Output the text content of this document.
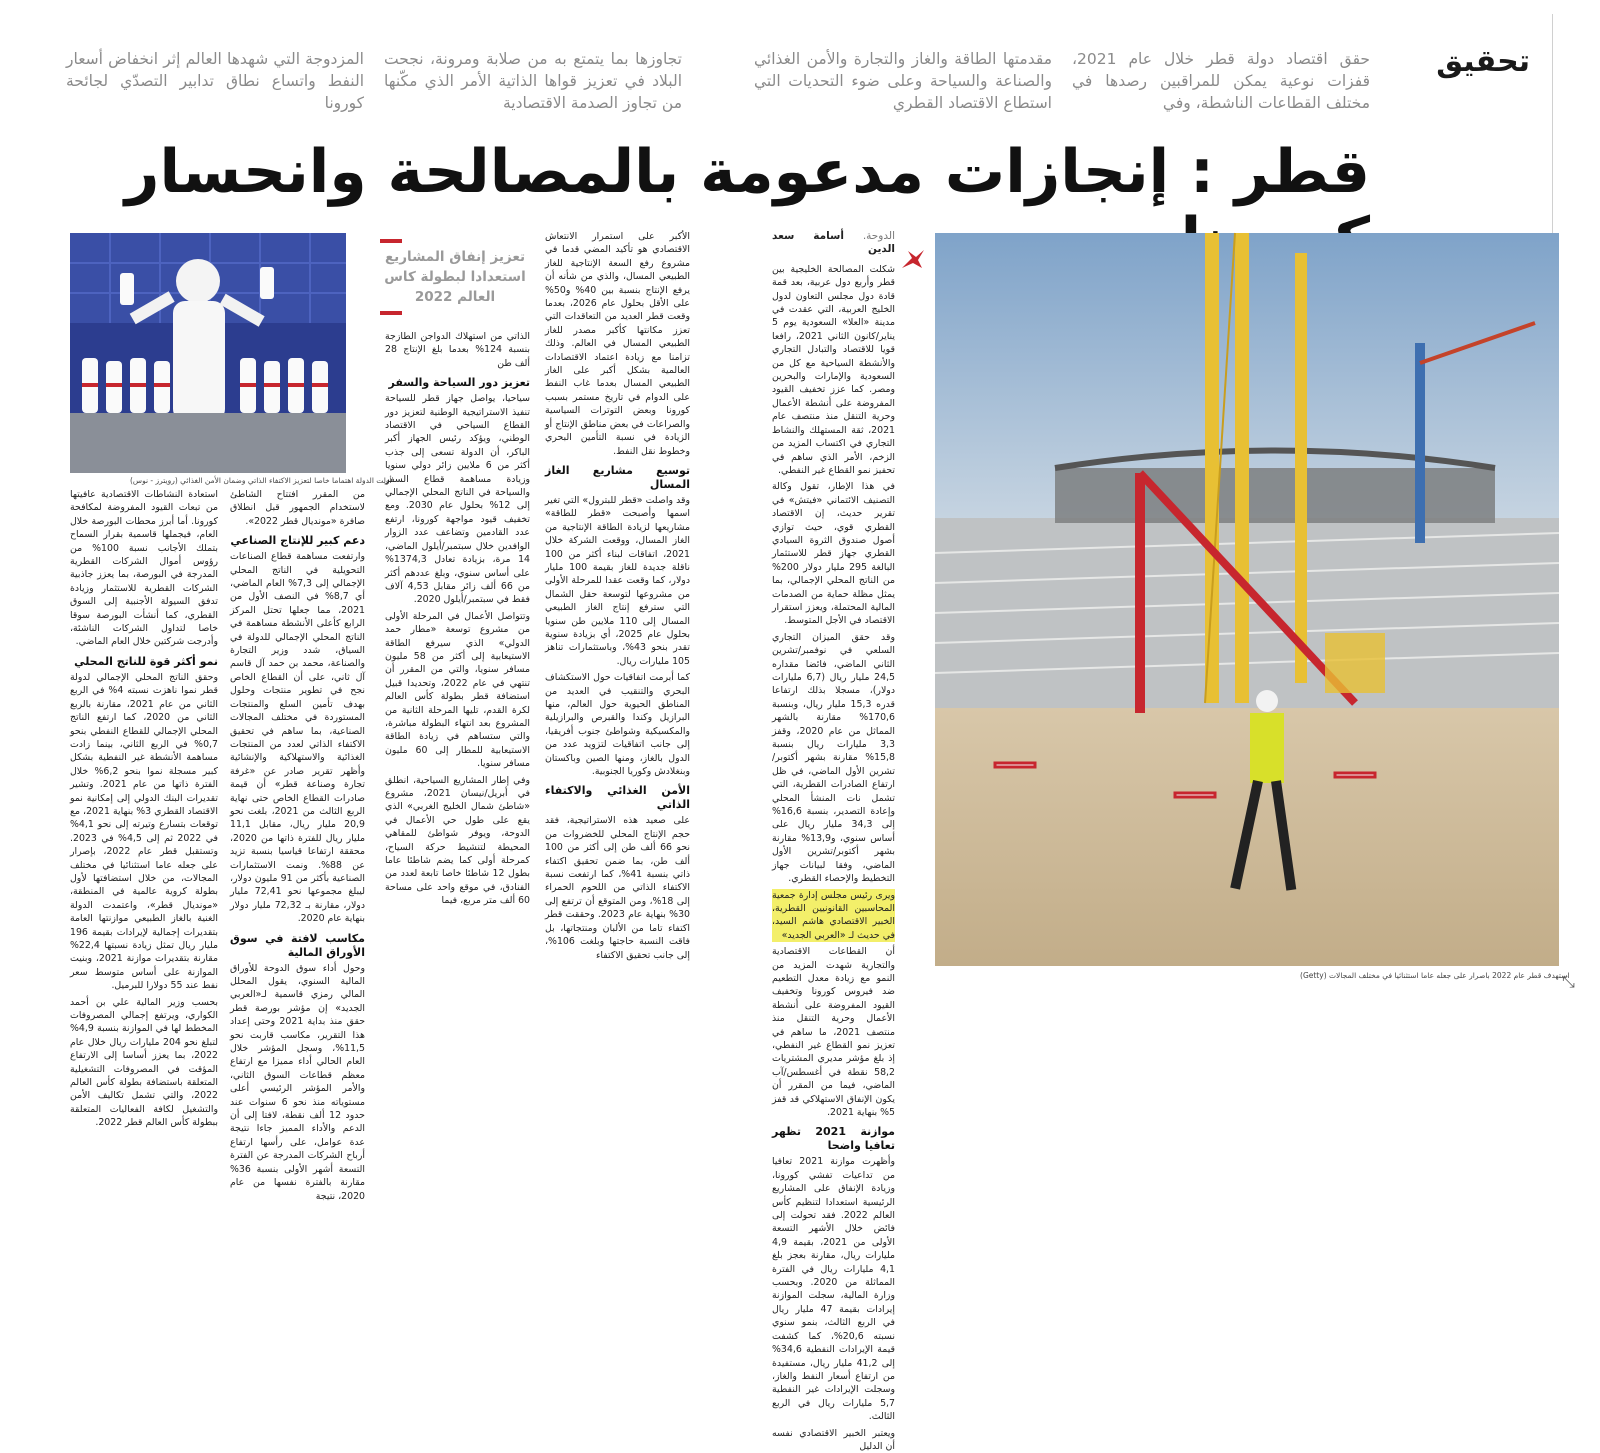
تحقيق
حقق اقتصاد دولة قطر خلال عام 2021، قفزات نوعية يمكن للمراقبين رصدها في مختلف القطاعات الناشطة، وفي
مقدمتها الطاقة والغاز والتجارة والأمن الغذائي والصناعة والسياحة وعلى ضوء التحديات التي استطاع الاقتصاد القطري
تجاوزها بما يتمتع به من صلابة ومرونة، نجحت البلاد في تعزيز قواها الذاتية الأمر الذي مكّنها من تجاوز الصدمة الاقتصادية
المزدوجة التي شهدها العالم إثر انخفاض أسعار النفط واتساع نطاق تدابير التصدّي لجائحة كورونا
قطر : إنجازات مدعومة بالمصالحة وانحسار
استهدف قطر عام 2022 باصرار على جعله عاما استثنائيا في مختلف المجالات (Getty)
أولت الدولة اهتماما خاصا لتعزيز الاكتفاء الذاتي وضمان الأمن الغذائي (رويترز - نوس)
تعزيز إنفاق المشاريع استعدادا لبطولة كاس العالم 2022
الدوحة. أسامة سعد الدين

شكلت المصالحة الخليجية بين قطر وأربع دول عربية، بعد قمة قادة دول مجلس التعاون لدول الخليج العربية، التي عقدت في مدينة «العلا» السعودية يوم 5 يناير/كانون الثاني 2021، رافعا قويا للاقتصاد والتبادل التجاري والأنشطة السياحية مع كل من السعودية والإمارات والبحرين ومصر. كما عزز تخفيف القيود المفروضة على أنشطة الأعمال وحرية التنقل منذ منتصف عام 2021، ثقة المستهلك والنشاط التجاري في اكتساب المزيد من الزخم، الأمر الذي ساهم في تحفيز نمو القطاع غير النفطي.

في هذا الإطار، تقول وكالة التصنيف الائتماني «فيتش» في تقرير حديث، إن الاقتصاد القطري قوي، حيث توازي أصول صندوق الثروة السيادي القطري جهاز قطر للاستثمار البالغة 295 مليار دولار 200% من الناتج المحلي الإجمالي، بما يمثل مظلة حماية من الصدمات المالية المحتملة، ويعزز استقرار الاقتصاد في الأجل المتوسط.

وقد حقق الميزان التجاري السلعي في نوفمبر/تشرين الثاني الماضي، فائضا مقداره 24,5 مليار ريال (6,7 مليارات دولار)، مسجلا بذلك ارتفاعا قدره 15,3 مليار ريال، وبنسبة 170,6% مقارنة بالشهر المماثل من عام 2020، وقفز 3,3 مليارات ريال بنسبة 15,8% مقارنة بشهر أكتوبر/تشرين الأول الماضي، في ظل ارتفاع الصادرات القطرية، التي تشمل نات المنشأ المحلي وإعادة التصدير، بنسبة 16,6% إلى 34,3 مليار ريال على أساس سنوي، و13,9% مقارنة بشهر أكتوبر/تشرين الأول الماضي، وفقا لبيانات جهاز التخطيط والإحصاء القطري.

ويرى رئيس مجلس إدارة جمعية المحاسبين القانونيين القطرية، الخبير الاقتصادي هاشم السيد، في حديث لـ «العربي الجديد»

أن القطاعات الاقتصادية والتجارية شهدت المزيد من النمو مع زيادة معدل التطعيم ضد فيروس كورونا وتخفيف القيود المفروضة على أنشطة الأعمال وحرية التنقل منذ منتصف 2021، ما ساهم في تعزيز نمو القطاع غير النفطي، إذ بلغ مؤشر مديري المشتريات 58,2 نقطة في أغسطس/آب الماضي، فيما من المقرر أن يكون الإنفاق الاستهلاكي قد قفز 5% بنهاية 2021.

موازنة 2021 تظهر تعافيا واضحا

وأظهرت موازنة 2021 تعافيا من تداعيات تفشي كورونا، وزيادة الإنفاق على المشاريع الرئيسية استعدادا لتنظيم كأس العالم 2022. فقد تحولت إلى فائض خلال الأشهر التسعة الأولى من 2021، بقيمة 4,9 مليارات ريال، مقارنة بعجز بلغ 4,1 مليارات ريال في الفترة المماثلة من 2020. وبحسب وزارة المالية، سجلت الموازنة إيرادات بقيمة 47 مليار ريال في الربع الثالث، بنمو سنوي نسبته 20,6%، كما كشفت قيمة الإيرادات النفطية 34,6% إلى 41,2 مليار ريال، مستفيدة من ارتفاع أسعار النفط والغاز، وسجلت الإيرادات غير النفطية 5,7 مليارات ريال في الربع الثالث.

ويعتبر الخبير الاقتصادي نفسه أن الدليل

الأكبر على استمرار الانتعاش الاقتصادي هو تأكيد المضي قدما في مشروع رفع السعة الإنتاجية للغاز الطبيعي المسال، والذي من شأنه أن يرفع الإنتاج بنسبة بين 40% و50% على الأقل بحلول عام 2026، بعدما وقعت قطر العديد من التعاقدات التي تعزز مكانتها كأكبر مصدر للغاز الطبيعي المسال في العالم. وذلك تزامنا مع زيادة اعتماد الاقتصادات العالمية بشكل أكبر على الغاز الطبيعي المسال بعدما غاب النفط على الدوام في تاريخ مستمر بسبب كورونا وبعض التوترات السياسية والصراعات في بعض مناطق الإنتاج أو الزيادة في نسبة التأمين البحري وخطوط نقل النفط.

توسيع مشاريع الغاز المسال

وقد واصلت «قطر للبترول» التي تغير اسمها وأصبحت «قطر للطاقة» مشاريعها لزيادة الطاقة الإنتاجية من الغاز المسال، ووقعت الشركة خلال 2021، اتفاقات لبناء أكثر من 100 ناقلة جديدة للغاز بقيمة 100 مليار دولار، كما وقعت عقدا للمرحلة الأولى من مشروعها لتوسعة حقل الشمال التي سترفع إنتاج الغاز الطبيعي المسال إلى 110 ملايين طن سنويا بحلول عام 2025، أي بزيادة سنوية تقدر بنحو 43%، وباستثمارات تناهز 105 مليارات ريال.

كما أبرمت اتفاقيات حول الاستكشاف البحري والتنقيب في العديد من المناطق الحيوية حول العالم، منها البرازيل وكندا والقبرص والبرازيلية والمكسيكية وشواطئ جنوب أفريقيا، إلى جانب اتفاقيات لتزويد عدد من الدول بالغاز، ومنها الصين وباكستان وبنغلادش وكوريا الجنوبية.

الأمن الغذائي والاكتفاء الذاتي

على صعيد هذه الاستراتيجية، فقد حجم الإنتاج المحلي للخضروات من نحو 66 ألف طن إلى أكثر من 100 ألف طن، بما ضمن تحقيق اكتفاء ذاتي بنسبة 41%، كما ارتفعت نسبة الاكتفاء الذاتي من اللحوم الحمراء إلى 18%، ومن المتوقع أن ترتفع إلى 30% بنهاية عام 2023. وحققت قطر اكتفاء تاما من الألبان ومنتجاتها، بل فاقت النسبة حاجتها وبلغت 106%، إلى جانب تحقيق الاكتفاء

الذاتي من استهلاك الدواجن الطازجة بنسبة 124% بعدما بلغ الإنتاج 28 ألف طن

تعزيز دور السياحة والسفر

سياحيا، يواصل جهاز قطر للسياحة تنفيذ الاستراتيجية الوطنية لتعزيز دور القطاع السياحي في الاقتصاد الوطني، ويؤكد رئيس الجهاز أكبر الباكر، أن الدولة تسعى إلى جذب أكثر من 6 ملايين زائر دولي سنويا وزيادة مساهمة قطاع السفر والسياحة في الناتج المحلي الإجمالي إلى 12% بحلول عام 2030. ومع تخفيف قيود مواجهة كورونا، ارتفع عدد القادمين وتضاعف عدد الزوار الوافدين خلال سبتمبر/أيلول الماضي، 14 مرة، بزيادة تعادل 1374,3% على أساس سنوي، وبلغ عددهم أكثر من 66 ألف زائر مقابل 4,53 آلاف فقط في سبتمبر/أيلول 2020.

وتتواصل الأعمال في المرحلة الأولى من مشروع توسعة «مطار حمد الدولي» الذي سيرفع الطاقة الاستيعابية إلى أكثر من 58 مليون مسافر سنويا، والتي من المقرر أن تنتهي في عام 2022، وتحديدا قبيل استضافة قطر بطولة كأس العالم لكرة القدم، تليها المرحلة الثانية من المشروع بعد انتهاء البطولة مباشرة، والتي ستساهم في زيادة الطاقة الاستيعابية للمطار إلى 60 مليون مسافر سنويا.

وفي إطار المشاريع السياحية، انطلق في أبريل/نيسان 2021، مشروع «شاطئ شمال الخليج الغربي» الذي يقع على طول حي الأعمال في الدوحة، ويوفر شواطئ للمقاهي المحيطة لتنشيط حركة السياح، كمرحلة أولى كما يضم شاطئا عاما بطول 12 شاطئا خاصا تابعة لعدد من الفنادق، في موقع واحد على مساحة 60 ألف متر مربع، فيما

من المقرر افتتاح الشاطئ لاستخدام الجمهور قبل انطلاق صافرة «مونديال قطر 2022».

دعم كبير للإنتاج الصناعي

وارتفعت مساهمة قطاع الصناعات التحويلية في الناتج المحلي الإجمالي إلى 7,3% العام الماضي، أي 8,7% في النصف الأول من 2021، مما جعلها تحتل المركز الرابع كأعلى الأنشطة مساهمة في الناتج المحلي الإجمالي للدولة في السياق، شدد وزير التجارة والصناعة، محمد بن حمد آل قاسم آل ثاني، على أن القطاع الخاص نجح في تطوير منتجات وحلول بهدف تأمين السلع والمنتجات المستوردة في مختلف المجالات الصناعية، بما ساهم في تحقيق الاكتفاء الذاتي لعدد من المنتجات الغذائية والاستهلاكية والإنشائية وأظهر تقرير صادر عن «غرفة تجارة وصناعة قطر» أن قيمة صادرات القطاع الخاص حتى نهاية الربع الثالث من 2021، بلغت نحو 20,9 مليار ريال، مقابل 11,1 مليار ريال للفترة ذاتها من 2020، محققة ارتفاعا قياسيا بنسبة تزيد عن 88%. ونمت الاستثمارات الصناعية بأكثر من 91 مليون دولار، ليبلغ مجموعها نحو 72,41 مليار دولار، مقارنة بـ 72,32 مليار دولار بنهاية عام 2020.

مكاسب لافتة في سوق الأوراق المالية

وحول أداء سوق الدوحة للأوراق المالية السنوي، يقول المحلل المالي رمزي قاسمية لـ«العربي الجديد» إن مؤشر بورصة قطر حقق منذ بداية 2021 وحتى إعداد هذا التقرير، مكاسب قاربت نحو 11,5%، وسجل المؤشر خلال العام الحالي أداء مميزا مع ارتفاع معظم قطاعات السوق الثاني، والأمر المؤشر الرئيسي أعلى مستوياته منذ نحو 6 سنوات عند حدود 12 ألف نقطة، لافتا إلى أن الدعم والأداء المميز جاءا نتيجة عدة عوامل، على رأسها ارتفاع أرباح الشركات المدرجة عن الفترة التسعة أشهر الأولى بنسبة 36% مقارنة بالفترة نفسها من عام 2020، نتيجة

استعادة النشاطات الاقتصادية عافيتها من تبعات القيود المفروضة لمكافحة كورونا. أما أبرز محطات البورصة خلال العام، فيجملها قاسمية بقرار السماح بتملك الأجانب نسبة 100% من رؤوس أموال الشركات القطرية المدرجة في البورصة، بما يعزز جاذبية الشركات القطرية للاستثمار وزيادة تدفق السيولة الأجنبية إلى السوق القطري، كما أنشأت البورصة سوقا خاصا لتداول الشركات الناشئة، وأدرجت شركتين خلال العام الماضي.

نمو أكثر قوة للناتج المحلي

وحقق الناتج المحلي الإجمالي لدولة قطر نموا ناهزت نسبته 4% في الربع الثاني من عام 2021، مقارنة بالربع الثاني من 2020، كما ارتفع الناتج المحلي الإجمالي للقطاع النفطي بنحو 0,7% في الربع الثاني، بينما زادت مساهمة الأنشطة غير النفطية بشكل كبير مسجلة نموا بنحو 6,2% خلال الفترة ذاتها من عام 2021. وتشير تقديرات البنك الدولي إلى إمكانية نمو الاقتصاد القطري 3% بنهاية 2021، مع توقعات بتسارع وتيرته إلى نحو 4,1% في 2022 ثم إلى 4,5% في 2023. وتستقبل قطر عام 2022، بإصرار على جعله عاما استثنائيا في مختلف المجالات، من خلال استضافتها لأول بطولة كروية عالمية في المنطقة، «مونديال قطر»، واعتمدت الدولة الغنية بالغاز الطبيعي موازنتها العامة بتقديرات إجمالية لإيرادات بقيمة 196 مليار ريال تمثل زيادة نسبتها 22,4% مقارنة بتقديرات موازنة 2021، وبنيت الموازنة على أساس متوسط سعر نفط عند 55 دولارا للبرميل.

بحسب وزير المالية علي بن أحمد الكواري، ويرتفع إجمالي المصروفات المخطط لها في الموازنة بنسبة 4,9% لتبلغ نحو 204 مليارات ريال خلال عام 2022، بما يعزز أساسا إلى الارتفاع المؤقت في المصروفات التشغيلية المتعلقة باستضافة بطولة كأس العالم 2022، والتي تشمل تكاليف الأمن والتشغيل لكافة الفعاليات المتعلقة ببطولة كأس العالم قطر 2022.

⤡
